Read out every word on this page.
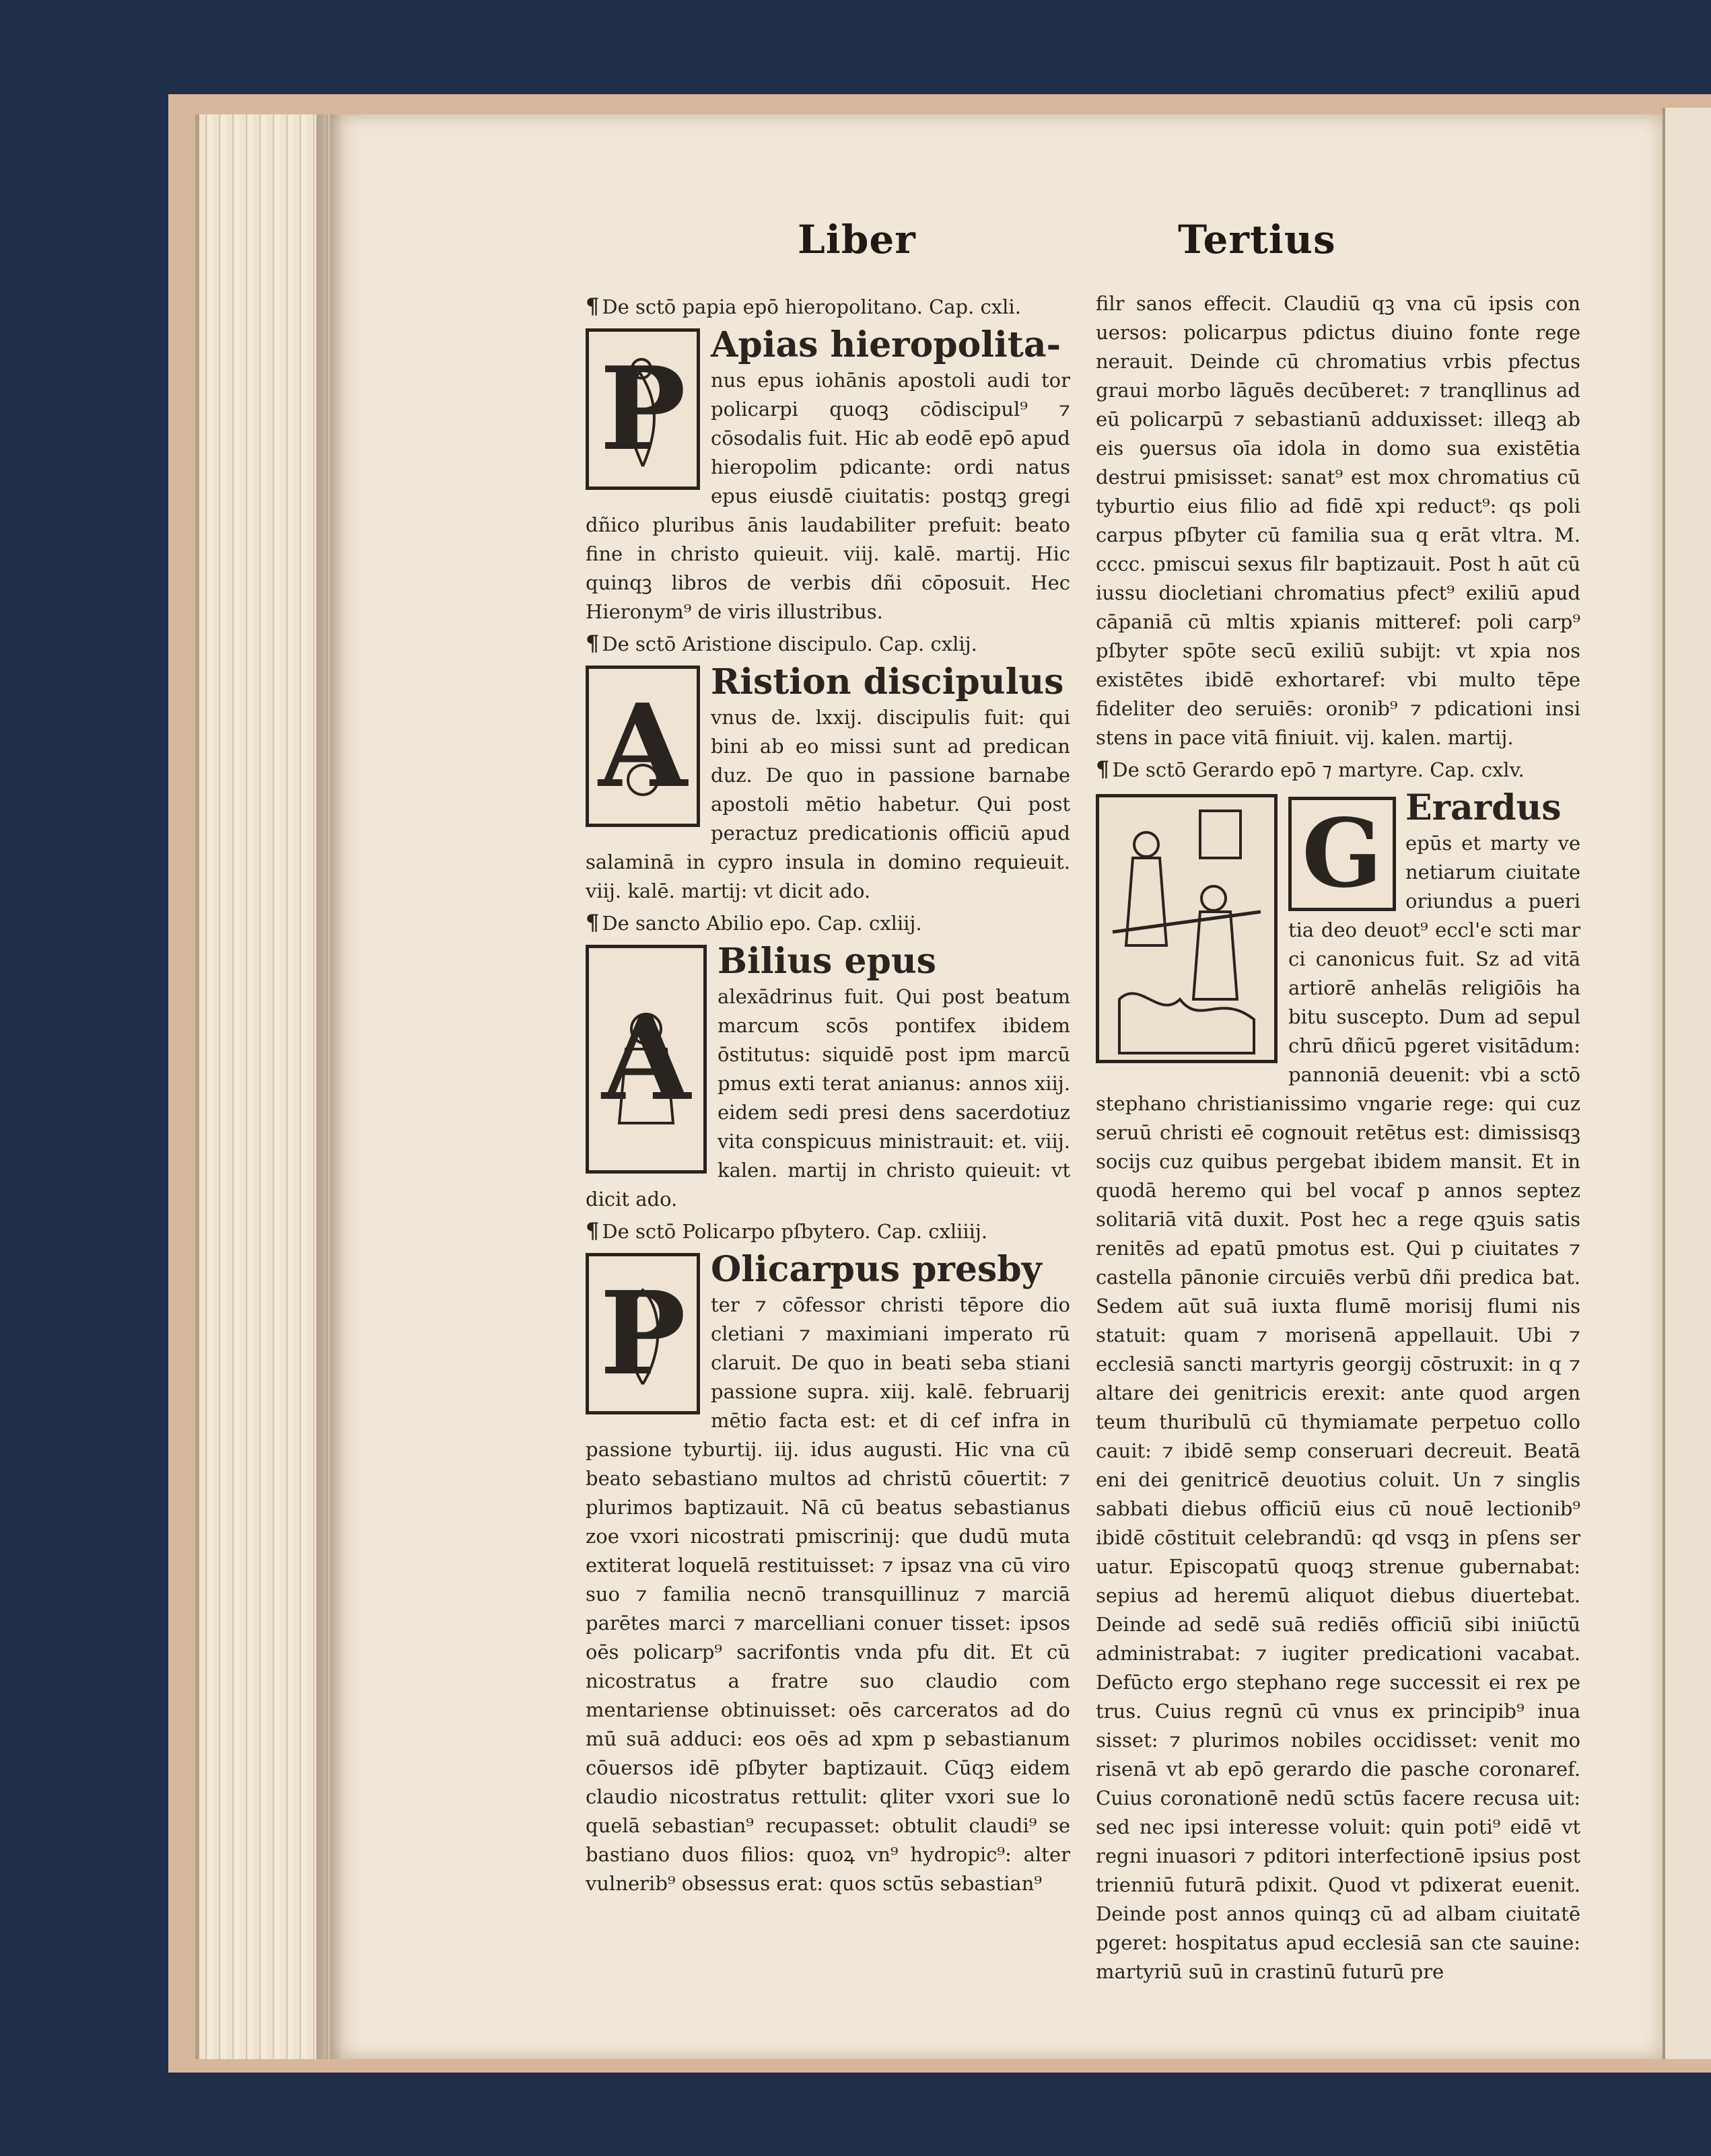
Liber	Tertius

¶ De sctō papia epō hieropolitano. Cap. cxli.

P Apias hieropolita-

nus epus iohānis apostoli audi tor policarpi quoqꝫ cōdiscipul⁹ ⁊ cōsodalis fuit. Hic ab eodē epō apud hieropolim pdicante: ordi natus epus eiusdē ciuitatis: postqꝫ gregi dñico pluribus ānis laudabiliter prefuit: beato fine in christo quieuit. viij. kalē. martij. Hic quinqꝫ libros de verbis dñi cōposuit. Hec Hieronym⁹ de viris illustribus.

¶ De sctō Aristione discipulo. Cap. cxlij.

A Ristion discipulus

vnus de. lxxij. discipulis fuit: qui bini ab eo missi sunt ad predican duz. De quo in passione barnabe apostoli mētio habetur. Qui post peractuz predicationis officiū apud salaminā in cypro insula in domino requieuit. viij. kalē. martij: vt dicit ado.

¶ De sancto Abilio epo. Cap. cxliij.

A
Bilius epus

alexādrinus fuit. Qui post beatum marcum scōs pontifex ibidem ōstitutus: siquidē post ipm marcū pmus exti terat anianus: annos xiij. eidem sedi presi dens sacerdotiuz vita conspicuus ministrauit: et. viij. kalen. martij in christo quieuit: vt dicit ado.

¶ De sctō Policarpo pſbytero. Cap. cxliiij.

P Olicarpus presby

ter ⁊ cōfessor christi tēpore dio cletiani ⁊ maximiani imperato rū claruit. De quo in beati seba stiani passione supra. xiij. kalē. februarij mētio facta est: et di cef infra in passione tyburtij. iij. idus augusti. Hic vna cū beato sebastiano multos ad christū cōuertit: ⁊ plurimos baptizauit. Nā cū beatus sebastianus zoe vxori nicostrati pmiscrinij: que dudū muta extiterat loquelā restituisset: ⁊ ipsaz vna cū viro suo ⁊ familia necnō transquillinuz ⁊ marciā parētes marci ⁊ marcelliani conuer tisset: ipsos oēs policarp⁹ sacrifontis vnda pfu dit. Et cū nicostratus a fratre suo claudio com mentariense obtinuisset: oēs carceratos ad do mū suā adduci: eos oēs ad xpm p sebastianum cōuersos idē pſbyter baptizauit. Cūqꝫ eidem claudio nicostratus rettulit: qliter vxori sue lo quelā sebastian⁹ recupasset: obtulit claudi⁹ se bastiano duos filios: quoꝝ vn⁹ hydropic⁹: alter vulnerib⁹ obsessus erat: quos sctūs sebastian⁹

filr sanos effecit. Claudiū qꝫ vna cū ipsis con uersos: policarpus pdictus diuino fonte rege nerauit. Deinde cū chromatius vrbis pfectus graui morbo lāguēs decūberet: ⁊ tranqllinus ad eū policarpū ⁊ sebastianū adduxisset: illeqꝫ ab eis ꝯuersus oīa idola in domo sua existētia destrui pmisisset: sanat⁹ est mox chromatius cū tyburtio eius filio ad fidē xpi reduct⁹: qs poli carpus pſbyter cū familia sua q erāt vltra. M. cccc. pmiscui sexus filr baptizauit. Post h aūt cū iussu diocletiani chromatius pfect⁹ exiliū apud cāpaniā cū mltis xpianis mitteref: poli carp⁹ pſbyter spōte secū exiliū subijt: vt xpia nos existētes ibidē exhortaref: vbi multo tēpe fideliter deo seruiēs: oronib⁹ ⁊ pdicationi insi stens in pace vitā finiuit. vij. kalen. martij.

¶ De sctō Gerardo epō ⁊ martyre. Cap. cxlv.

G Erardus

epūs et marty ve netiarum ciuitate oriundus a pueri tia deo deuot⁹ eccl'e scti mar ci canonicus fuit. Sz ad vitā artiorē anhelās religiōis ha bitu suscepto. Dum ad sepul chrū dñicū pgeret visitādum: pannoniā deuenit: vbi a sctō stephano christianissimo vngarie rege: qui cuz seruū christi eē cognouit retētus est: dimissisqꝫ socijs cuz quibus pergebat ibidem mansit. Et in quodā heremo qui bel vocaf p annos septez solitariā vitā duxit. Post hec a rege qꝫuis satis renitēs ad epatū pmotus est. Qui p ciuitates ⁊ castella pānonie circuiēs verbū dñi predica bat. Sedem aūt suā iuxta flumē morisij flumi nis statuit: quam ⁊ morisenā appellauit. Ubi ⁊ ecclesiā sancti martyris georgij cōstruxit: in q ⁊ altare dei genitricis erexit: ante quod argen teum thuribulū cū thymiamate perpetuo collo cauit: ⁊ ibidē semp conseruari decreuit. Beatā eni dei genitricē deuotius coluit. Un ⁊ singlis sabbati diebus officiū eius cū nouē lectionib⁹ ibidē cōstituit celebrandū: qd vsqꝫ in pſens ser uatur. Episcopatū quoqꝫ strenue gubernabat: sepius ad heremū aliquot diebus diuertebat. Deinde ad sedē suā rediēs officiū sibi iniūctū administrabat: ⁊ iugiter predicationi vacabat. Defūcto ergo stephano rege successit ei rex pe trus. Cuius regnū cū vnus ex principib⁹ inua sisset: ⁊ plurimos nobiles occidisset: venit mo risenā vt ab epō gerardo die pasche coronaref. Cuius coronationē nedū sctūs facere recusa uit: sed nec ipsi interesse voluit: quin poti⁹ eidē vt regni inuasori ⁊ pditori interfectionē ipsius post trienniū futurā pdixit. Quod vt pdixerat euenit. Deinde post annos quinqꝫ cū ad albam ciuitatē pgeret: hospitatus apud ecclesiā san cte sauine: martyriū suū in crastinū futurū pre
